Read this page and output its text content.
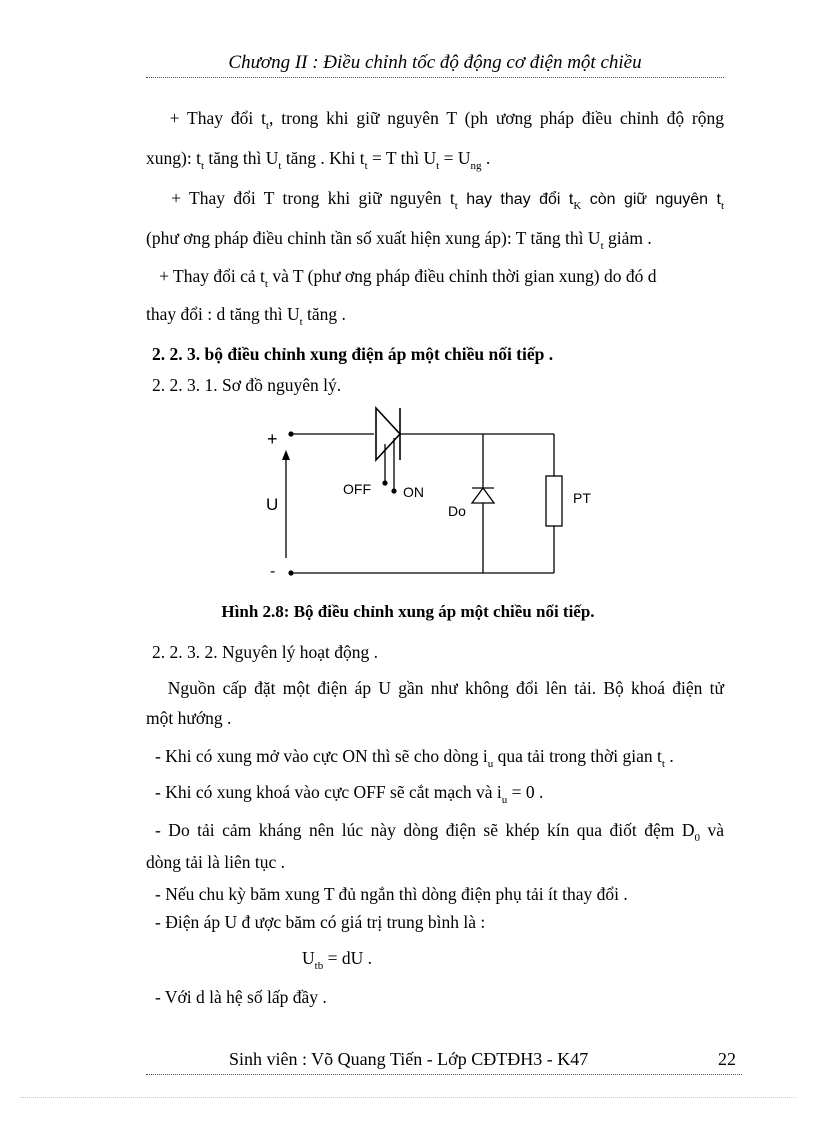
Chương II : Điều chỉnh tốc độ động cơ điện một chiều
+ Thay đổi $t_t$, trong khi giữ nguyên T (ph ương pháp điều chỉnh độ rộng
xung): $t_t$ tăng thì $U_t$ tăng . Khi $t_t = T$ thì $U_t = U_{ng}$ .
+ Thay đổi T trong khi giữ nguyên $t_t$ hay thay đổi $t_K$ còn giữ nguyên $t_t$
(phư ơng pháp điều chỉnh tần số xuất hiện xung áp): T tăng thì $U_t$ giảm .
+ Thay đổi cả $t_t$ và T (phư ơng pháp điều chỉnh thời gian xung) do đó d
thay đổi : d tăng thì $U_t$ tăng .
2. 2. 3. bộ điều chỉnh xung điện áp một chiều nối tiếp .
2. 2. 3. 1. Sơ đồ nguyên lý.
+
-
U
OFF ON
Do
PT
Hình 2.8: Bộ điều chỉnh xung áp một chiều nối tiếp.
2. 2. 3. 2. Nguyên lý hoạt động .
Nguồn cấp đặt một điện áp U gần như không đổi lên tải. Bộ khoá điện tử
một hướng .
- Khi có xung mở vào cực ON thì sẽ cho dòng $i_u$ qua tải trong thời gian $t_t$ .
- Khi có xung khoá vào cực OFF sẽ cắt mạch và $i_u = 0$ .
- Do tải cảm kháng nên lúc này dòng điện sẽ khép kín qua điốt đệm $D_0$ và
dòng tải là liên tục .
- Nếu chu kỳ băm xung T đủ ngắn thì dòng điện phụ tải ít thay đổi .
- Điện áp U đ ược băm có giá trị trung bình là :
$U_{tb}$ = dU .
- Với d là hệ số lấp đầy .
Sinh viên : Võ Quang Tiến - Lớp CĐTĐH3 - K47	22
